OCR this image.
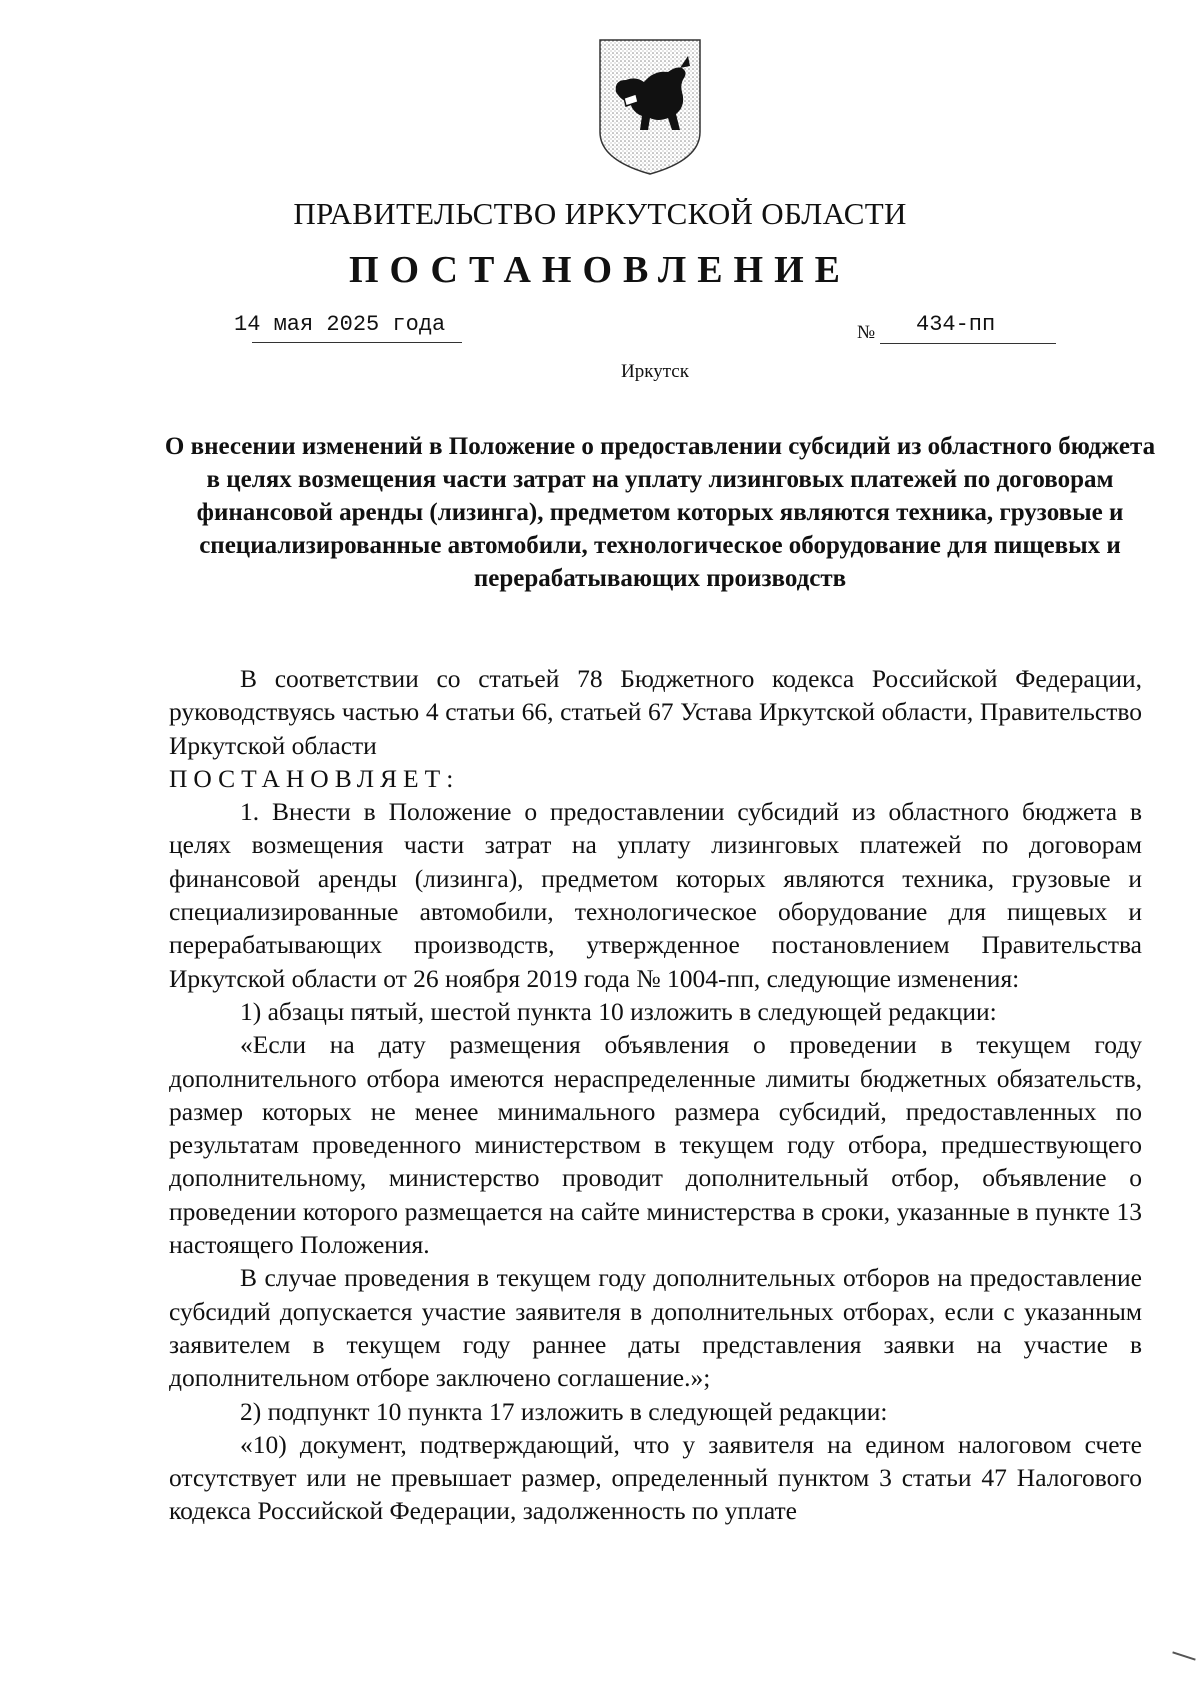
ПРАВИТЕЛЬСТВО ИРКУТСКОЙ ОБЛАСТИ
ПОСТАНОВЛЕНИЕ
14 мая 2025 года	№ 434-пп
Иркутск
О внесении изменений в Положение о предоставлении субсидий из областного бюджета в целях возмещения части затрат на уплату лизинговых платежей по договорам финансовой аренды (лизинга), предметом которых являются техника, грузовые и специализированные автомобили, технологическое оборудование для пищевых и перерабатывающих производств

В соответствии со статьей 78 Бюджетного кодекса Российской Федерации, руководствуясь частью 4 статьи 66, статьей 67 Устава Иркутской области, Правительство Иркутской области

ПОСТАНОВЛЯЕТ:

1. Внести в Положение о предоставлении субсидий из областного бюджета в целях возмещения части затрат на уплату лизинговых платежей по договорам финансовой аренды (лизинга), предметом которых являются техника, грузовые и специализированные автомобили, технологическое оборудование для пищевых и перерабатывающих производств, утвержденное постановлением Правительства Иркутской области от 26 ноября 2019 года № 1004-пп, следующие изменения:

1) абзацы пятый, шестой пункта 10 изложить в следующей редакции:

«Если на дату размещения объявления о проведении в текущем году дополнительного отбора имеются нераспределенные лимиты бюджетных обязательств, размер которых не менее минимального размера субсидий, предоставленных по результатам проведенного министерством в текущем году отбора, предшествующего дополнительному, министерство проводит дополнительный отбор, объявление о проведении которого размещается на сайте министерства в сроки, указанные в пункте 13 настоящего Положения.

В случае проведения в текущем году дополнительных отборов на предоставление субсидий допускается участие заявителя в дополнительных отборах, если с указанным заявителем в текущем году раннее даты представления заявки на участие в дополнительном отборе заключено соглашение.»;

2) подпункт 10 пункта 17 изложить в следующей редакции:

«10) документ, подтверждающий, что у заявителя на едином налоговом счете отсутствует или не превышает размер, определенный пунктом 3 статьи 47 Налогового кодекса Российской Федерации, задолженность по уплате
